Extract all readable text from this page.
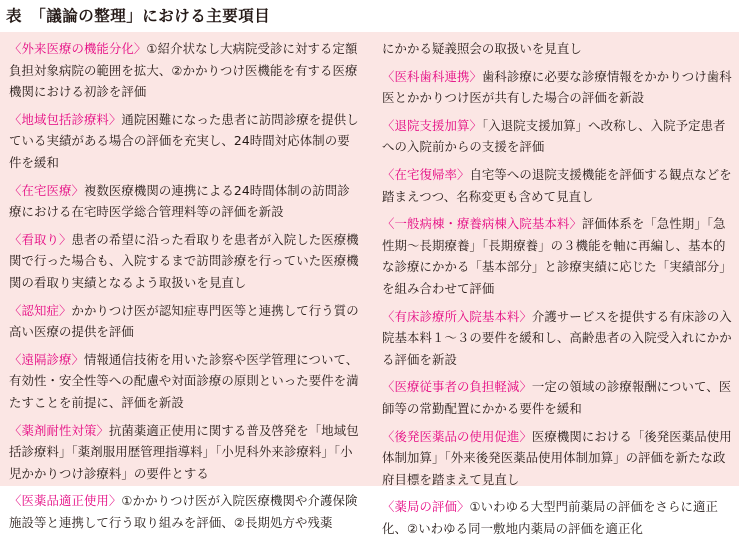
表　「議論の整理」における主要項目
〈外来医療の機能分化〉①紹介状なし大病院受診に対する定額負担対象病院の範囲を拡大、②かかりつけ医機能を有する医療機関における初診を評価
〈地域包括診療料〉通院困難になった患者に訪問診療を提供している実績がある場合の評価を充実し、24時間対応体制の要件を緩和
〈在宅医療〉複数医療機関の連携による24時間体制の訪問診療における在宅時医学総合管理料等の評価を新設
〈看取り〉患者の希望に沿った看取りを患者が入院した医療機関で行った場合も、入院するまで訪問診療を行っていた医療機関の看取り実績となるよう取扱いを見直し
〈認知症〉かかりつけ医が認知症専門医等と連携して行う質の高い医療の提供を評価
〈遠隔診療〉情報通信技術を用いた診察や医学管理について、有効性・安全性等への配慮や対面診療の原則といった要件を満たすことを前提に、評価を新設
〈薬剤耐性対策〉抗菌薬適正使用に関する普及啓発を「地域包括診療料」「薬剤服用歴管理指導料」「小児科外来診療料」「小児かかりつけ診療料」の要件とする
〈医薬品適正使用〉①かかりつけ医が入院医療機関や介護保険施設等と連携して行う取り組みを評価、②長期処方や残薬
にかかる疑義照会の取扱いを見直し
〈医科歯科連携〉歯科診療に必要な診療情報をかかりつけ歯科医とかかりつけ医が共有した場合の評価を新設
〈退院支援加算〉「入退院支援加算」へ改称し、入院予定患者への入院前からの支援を評価
〈在宅復帰率〉自宅等への退院支援機能を評価する観点などを踏まえつつ、名称変更も含めて見直し
〈一般病棟・療養病棟入院基本料〉評価体系を「急性期」「急性期〜長期療養」「長期療養」の３機能を軸に再編し、基本的な診療にかかる「基本部分」と診療実績に応じた「実績部分」を組み合わせて評価
〈有床診療所入院基本料〉介護サービスを提供する有床診の入院基本料１〜３の要件を緩和し、高齢患者の入院受入れにかかる評価を新設
〈医療従事者の負担軽減〉一定の領域の診療報酬について、医師等の常勤配置にかかる要件を緩和
〈後発医薬品の使用促進〉医療機関における「後発医薬品使用体制加算」「外来後発医薬品使用体制加算」の評価を新たな政府目標を踏まえて見直し
〈薬局の評価〉①いわゆる大型門前薬局の評価をさらに適正化、②いわゆる同一敷地内薬局の評価を適正化
